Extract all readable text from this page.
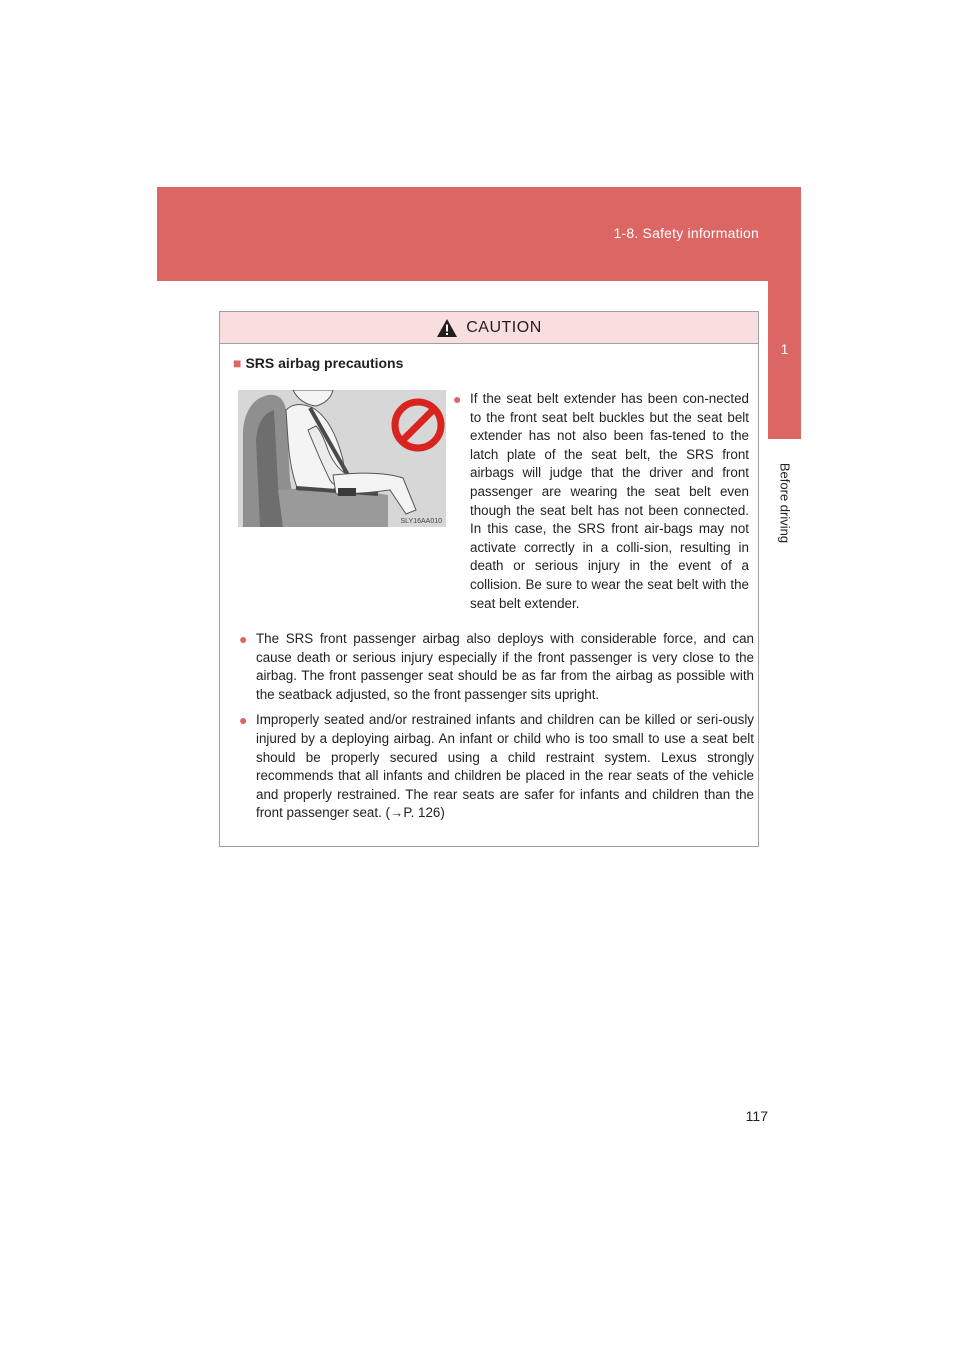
1-8. Safety information
1
Before driving
CAUTION
■ SRS airbag precautions
SLY16AA010
● If the seat belt extender has been con-nected to the front seat belt buckles but the seat belt extender has not also been fas-tened to the latch plate of the seat belt, the SRS front airbags will judge that the driver and front passenger are wearing the seat belt even though the seat belt has not been connected. In this case, the SRS front air-bags may not activate correctly in a colli-sion, resulting in death or serious injury in the event of a collision. Be sure to wear the seat belt with the seat belt extender.
● The SRS front passenger airbag also deploys with considerable force, and can cause death or serious injury especially if the front passenger is very close to the airbag. The front passenger seat should be as far from the airbag as possible with the seatback adjusted, so the front passenger sits upright.
● Improperly seated and/or restrained infants and children can be killed or seri-ously injured by a deploying airbag. An infant or child who is too small to use a seat belt should be properly secured using a child restraint system. Lexus strongly recommends that all infants and children be placed in the rear seats of the vehicle and properly restrained. The rear seats are safer for infants and children than the front passenger seat. (→P. 126)
117
